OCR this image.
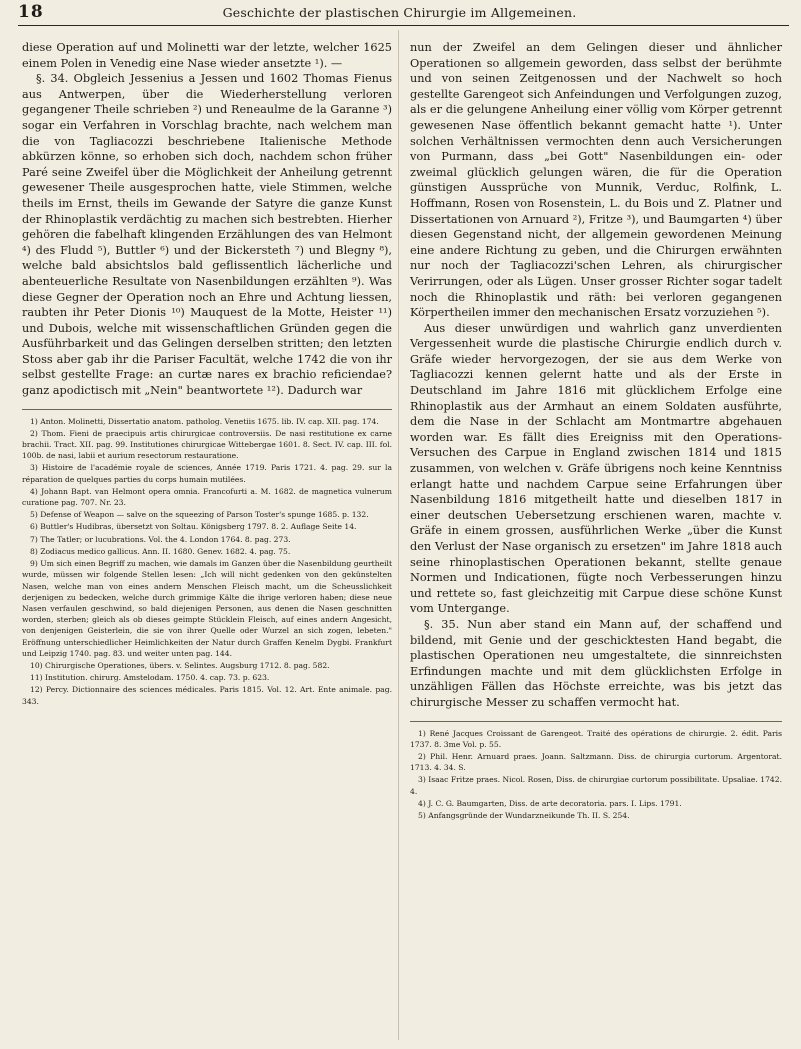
18	Geschichte der plastischen Chirurgie im Allgemeinen.

diese Operation auf und Molinetti war der letzte, welcher 1625 einem Polen in Venedig eine Nase wieder ansetzte ¹). —

§. 34. Obgleich Jessenius a Jessen und 1602 Thomas Fienus aus Antwerpen, über die Wiederherstellung verloren gegangener Theile schrieben ²) und Reneaulme de la Garanne ³) sogar ein Verfahren in Vorschlag brachte, nach welchem man die von Tagliacozzi beschriebene Italienische Methode abkürzen könne, so erhoben sich doch, nachdem schon früher Paré seine Zweifel über die Möglichkeit der Anheilung getrennt gewesener Theile ausgesprochen hatte, viele Stimmen, welche theils im Ernst, theils im Gewande der Satyre die ganze Kunst der Rhinoplastik verdächtig zu machen sich bestrebten. Hierher gehören die fabelhaft klingenden Erzählungen des van Helmont ⁴) des Fludd ⁵), Buttler ⁶) und der Bickersteth ⁷) und Blegny ⁸), welche bald absichtslos bald geflissentlich lächerliche und abenteuerliche Resultate von Nasenbildungen erzählten ⁹). Was diese Gegner der Operation noch an Ehre und Achtung liessen, raubten ihr Peter Dionis ¹⁰) Mauquest de la Motte, Heister ¹¹) und Dubois, welche mit wissenschaftlichen Gründen gegen die Ausführbarkeit und das Gelingen derselben stritten; den letzten Stoss aber gab ihr die Pariser Facultät, welche 1742 die von ihr selbst gestellte Frage: an curtæ nares ex brachio reficiendae? ganz apodictisch mit „Nein" beantwortete ¹²). Dadurch war

1) Anton. Molinetti, Dissertatio anatom. patholog. Venetiis 1675. lib. IV. cap. XII. pag. 174.

2) Thom. Fieni de praecipuis artis chirurgicae controversiis. De nasi restitutione ex carne brachii. Tract. XII. pag. 99. Institutiones chirurgicae Wittebergae 1601. 8. Sect. IV. cap. III. fol. 100b. de nasi, labii et aurium resectorum restauratione.

3) Histoire de l'académie royale de sciences, Année 1719. Paris 1721. 4. pag. 29. sur la réparation de quelques parties du corps humain mutilées.

4) Johann Bapt. van Helmont opera omnia. Francofurti a. M. 1682. de magnetica vulnerum curatione pag. 707. Nr. 23.

5) Defense of Weapon — salve on the squeezing of Parson Toster's spunge 1685. p. 132.

6) Buttler's Hudibras, übersetzt von Soltau. Königsberg 1797. 8. 2. Auflage Seite 14.

7) The Tatler; or lucubrations. Vol. the 4. London 1764. 8. pag. 273.

8) Zodiacus medico gallicus. Ann. II. 1680. Genev. 1682. 4. pag. 75.

9) Um sich einen Begriff zu machen, wie damals im Ganzen über die Nasenbildung geurtheilt wurde, müssen wir folgende Stellen lesen: „Ich will nicht gedenken von den gekünstelten Nasen, welche man von eines andern Menschen Fleisch macht, um die Scheusslichkeit derjenigen zu bedecken, welche durch grimmige Kälte die ihrige verloren haben; diese neue Nasen verfaulen geschwind, so bald diejenigen Personen, aus denen die Nasen geschnitten worden, sterben; gleich als ob dieses geimpte Stücklein Fleisch, auf eines andern Angesicht, von denjenigen Geisterlein, die sie von ihrer Quelle oder Wurzel an sich zogen, lebeten." Eröffnung unterschiedlicher Heimlichkeiten der Natur durch Graffen Kenelm Dygbi. Frankfurt und Leipzig 1740. pag. 83. und weiter unten pag. 144.

10) Chirurgische Operationes, übers. v. Selintes. Augsburg 1712. 8. pag. 582.

11) Institution. chirurg. Amstelodam. 1750. 4. cap. 73. p. 623.

12) Percy. Dictionnaire des sciences médicales. Paris 1815. Vol. 12. Art. Ente animale. pag. 343.

nun der Zweifel an dem Gelingen dieser und ähnlicher Operationen so allgemein geworden, dass selbst der berühmte und von seinen Zeitgenossen und der Nachwelt so hoch gestellte Garengeot sich Anfeindungen und Verfolgungen zuzog, als er die gelungene Anheilung einer völlig vom Körper getrennt gewesenen Nase öffentlich bekannt gemacht hatte ¹). Unter solchen Verhältnissen vermochten denn auch Versicherungen von Purmann, dass „bei Gott" Nasenbildungen ein- oder zweimal glücklich gelungen wären, die für die Operation günstigen Aussprüche von Munnik, Verduc, Rolfink, L. Hoffmann, Rosen von Rosenstein, L. du Bois und Z. Platner und Dissertationen von Arnuard ²), Fritze ³), und Baumgarten ⁴) über diesen Gegenstand nicht, der allgemein gewordenen Meinung eine andere Richtung zu geben, und die Chirurgen erwähnten nur noch der Tagliacozzi'schen Lehren, als chirurgischer Verirrungen, oder als Lügen. Unser grosser Richter sogar tadelt noch die Rhinoplastik und räth: bei verloren gegangenen Körpertheilen immer den mechanischen Ersatz vorzuziehen ⁵).

Aus dieser unwürdigen und wahrlich ganz unverdienten Vergessenheit wurde die plastische Chirurgie endlich durch v. Gräfe wieder hervorgezogen, der sie aus dem Werke von Tagliacozzi kennen gelernt hatte und als der Erste in Deutschland im Jahre 1816 mit glücklichem Erfolge eine Rhinoplastik aus der Armhaut an einem Soldaten ausführte, dem die Nase in der Schlacht am Montmartre abgehauen worden war. Es fällt dies Ereigniss mit den Operations-Versuchen des Carpue in England zwischen 1814 und 1815 zusammen, von welchen v. Gräfe übrigens noch keine Kenntniss erlangt hatte und nachdem Carpue seine Erfahrungen über Nasenbildung 1816 mitgetheilt hatte und dieselben 1817 in einer deutschen Uebersetzung erschienen waren, machte v. Gräfe in einem grossen, ausführlichen Werke „über die Kunst den Verlust der Nase organisch zu ersetzen" im Jahre 1818 auch seine rhinoplastischen Operationen bekannt, stellte genaue Normen und Indicationen, fügte noch Verbesserungen hinzu und rettete so, fast gleichzeitig mit Carpue diese schöne Kunst vom Untergange.

§. 35. Nun aber stand ein Mann auf, der schaffend und bildend, mit Genie und der geschicktesten Hand begabt, die plastischen Operationen neu umgestaltete, die sinnreichsten Erfindungen machte und mit dem glücklichsten Erfolge in unzähligen Fällen das Höchste erreichte, was bis jetzt das chirurgische Messer zu schaffen vermocht hat.

1) René Jacques Croissant de Garengeot. Traité des opérations de chirurgie. 2. édit. Paris 1737. 8. 3me Vol. p. 55.

2) Phil. Henr. Arnuard praes. Joann. Saltzmann. Diss. de chirurgia curtorum. Argentorat. 1713. 4. 34. S.

3) Isaac Fritze praes. Nicol. Rosen, Diss. de chirurgiae curtorum possibilitate. Upsaliae. 1742. 4.

4) J. C. G. Baumgarten, Diss. de arte decoratoria. pars. I. Lips. 1791.

5) Anfangsgründe der Wundarzneikunde Th. II. S. 254.
